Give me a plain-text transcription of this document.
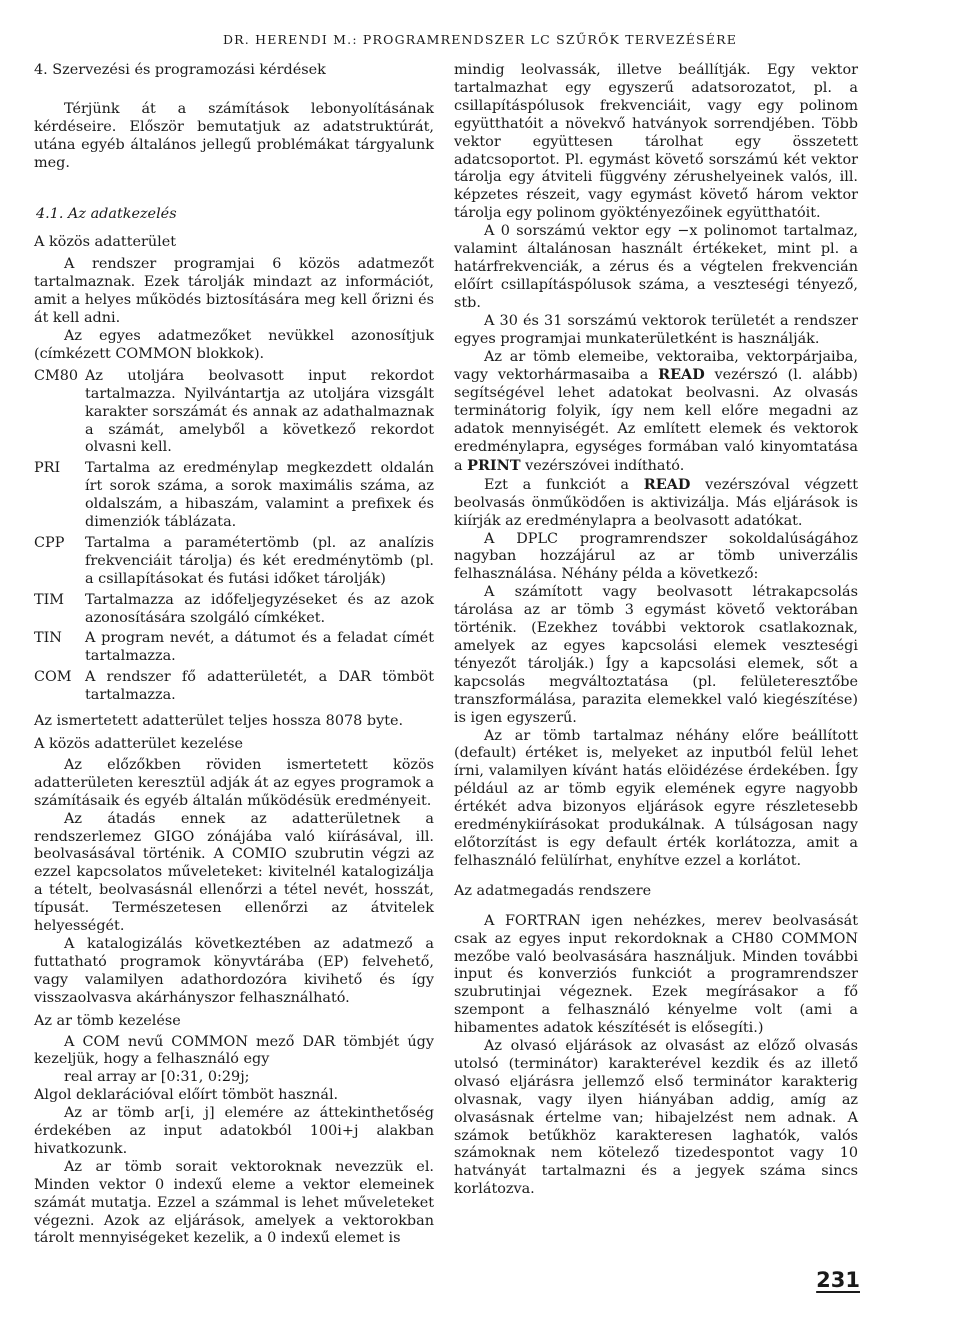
DR. HERENDI M.: PROGRAMRENDSZER LC SZŰRŐK TERVEZÉSÉRE

4. Szervezési és programozási kérdések

Térjünk át a számítások lebonyolításának kérdéseire. Először bemutatjuk az adatstruktúrát, utána egyéb általános jellegű problémákat tárgyalunk meg.

4.1. Az adatkezelés

A közös adatterület

A rendszer programjai 6 közös adatmezőt tartalmaznak. Ezek tárolják mindazt az információt, amit a helyes működés biztosítására meg kell őrizni és át kell adni.

Az egyes adatmezőket nevükkel azonosítjuk (címkézett COMMON blokkok).

CM80 Az utoljára beolvasott input rekordot tartalmazza. Nyilvántartja az utoljára vizsgált karakter sorszámát és annak az adathalmaznak a számát, amelyből a következő rekordot olvasni kell.
PRI	Tartalma az eredménylap megkezdett oldalán írt sorok száma, a sorok maximális száma, az oldalszám, a hibaszám, valamint a prefixek és dimenziók táblázata.
CPP	Tartalma a paramétertömb (pl. az analízis frekvenciáit tárolja) és két eredménytömb (pl. a csillapításokat és futási időket tárolják)
TIM	Tartalmazza az időfeljegyzéseket és az azok azonosítására szolgáló címkéket.
TIN	A program nevét, a dátumot és a feladat címét tartalmazza.
COM A rendszer fő adatterületét, a DAR tömböt tartalmazza.

Az ismertetett adatterület teljes hossza 8078 byte.

A közös adatterület kezelése

Az előzőkben röviden ismertetett közös adatterületen keresztül adják át az egyes programok a számításaik és egyéb általán működésük eredményeit.

Az átadás ennek az adatterületnek a rendszerlemez GIGO zónájába való kiírásával, ill. beolvasásával történik. A COMIO szubrutin végzi az ezzel kapcsolatos műveleteket: kivitelnél katalogizálja a tételt, beolvasásnál ellenőrzi a tétel nevét, hosszát, típusát. Természetesen ellenőrzi az átvitelek helyességét.

A katalogizálás következtében az adatmező a futtatható programok könyvtárába (EP) felvehető, vagy valamilyen adathordozóra kivihető és így visszaolvasva akárhányszor felhasználható.

Az ar tömb kezelése

A COM nevű COMMON mező DAR tömbjét úgy kezeljük, hogy a felhasználó egy

real array ar [0:31, 0:29j;

Algol deklarációval előírt tömböt használ.

Az ar tömb ar[i, j] elemére az áttekinthetőség érdekében az input adatokból 100i+j alakban hivatkozunk.

Az ar tömb sorait vektoroknak nevezzük el. Minden vektor 0 indexű eleme a vektor elemeinek számát mutatja. Ezzel a számmal is lehet műveleteket végezni. Azok az eljárások, amelyek a vektorokban tárolt mennyiségeket kezelik, a 0 indexű elemet is

mindig leolvassák, illetve beállítják. Egy vektor tartalmazhat egy egyszerű adatsorozatot, pl. a csillapításpólusok frekvenciáit, vagy egy polinom együtthatóit a növekvő hatványok sorrendjében. Több vektor együttesen tárolhat egy összetett adatcsoportot. Pl. egymást követő sorszámú két vektor tárolja egy átviteli függvény zérushelyeinek valós, ill. képzetes részeit, vagy egymást követő három vektor tárolja egy polinom gyöktényezőinek együtthatóit.

A 0 sorszámú vektor egy −x polinomot tartalmaz, valamint általánosan használt értékeket, mint pl. a határfrekvenciák, a zérus és a végtelen frekvencián előírt csillapításpólusok száma, a veszteségi tényező, stb.

A 30 és 31 sorszámú vektorok területét a rendszer egyes programjai munkaterületként is használják.

Az ar tömb elemeibe, vektoraiba, vektorpárjaiba, vagy vektorhármasaiba a READ vezérszó (l. alább) segítségével lehet adatokat beolvasni. Az olvasás terminátorig folyik, így nem kell előre megadni az adatok mennyiségét. Az említett elemek és vektorok eredménylapra, egységes formában való kinyomtatása a PRINT vezérszóvei indítható.

Ezt a funkciót a READ vezérszóval végzett beolvasás önműködően is aktivizálja. Más eljárások is kiírják az eredménylapra a beolvasott adatókat.

A DPLC programrendszer sokoldalúságához nagyban hozzájárul az ar tömb univerzális felhasználása. Néhány példa a következő:

A számított vagy beolvasott létrakapcsolás tárolása az ar tömb 3 egymást követő vektorában történik. (Ezekhez további vektorok csatlakoznak, amelyek az egyes kapcsolási elemek veszteségi tényezőt tárolják.) Így a kapcsolási elemek, sőt a kapcsolás megváltoztatása (pl. felületeresztőbe transzformálása, parazita elemekkel való kiegészítése) is igen egyszerű.

Az ar tömb tartalmaz néhány előre beállított (default) értéket is, melyeket az inputból felül lehet írni, valamilyen kívánt hatás elöidézése érdekében. Így például az ar tömb egyik elemének egyre nagyobb értékét adva bizonyos eljárások egyre részletesebb eredménykiírásokat produkálnak. A túlságosan nagy előtorzítást is egy default érték korlátozza, amit a felhasználó felülírhat, enyhítve ezzel a korlátot.

Az adatmegadás rendszere

A FORTRAN igen nehézkes, merev beolvasását csak az egyes input rekordoknak a CH80 COMMON mezőbe való beolvasására használjuk. Minden további input és konverziós funkciót a programrendszer szubrutinjai végeznek. Ezek megírásakor a fő szempont a felhasználó kényelme volt (ami a hibamentes adatok készítését is elősegíti.)

Az olvasó eljárások az olvasást az előző olvasás utolsó (terminátor) karakterével kezdik és az illető olvasó eljárásra jellemző első terminátor karakterig olvasnak, vagy ilyen hiányában addig, amíg az olvasásnak értelme van; hibajelzést nem adnak. A számok betűkhöz karakteresen laghatók, valós számoknak nem kötelező tizedespontot vagy 10 hatványát tartalmazni és a jegyek száma sincs korlátozva.

231
